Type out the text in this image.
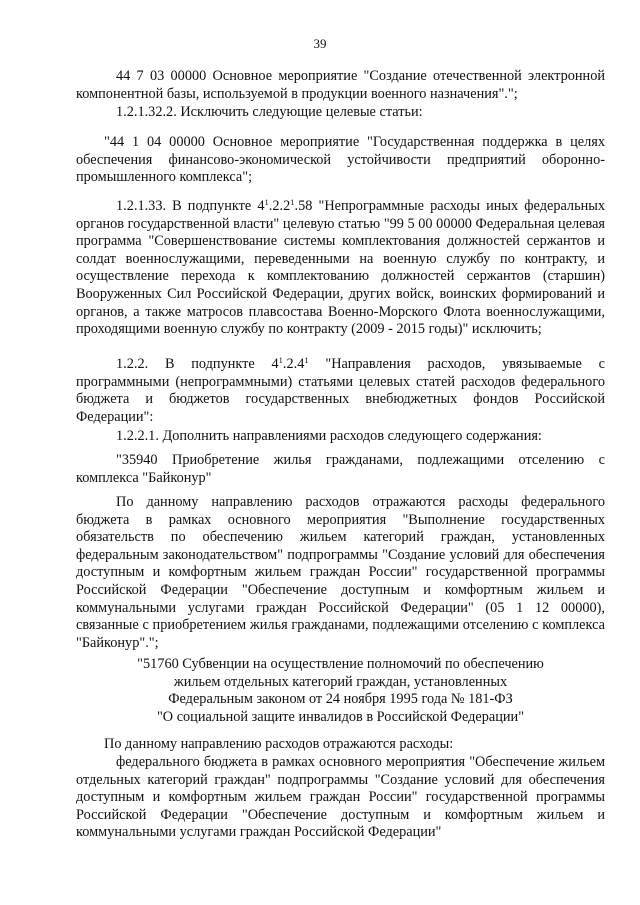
39

44 7 03 00000 Основное мероприятие "Создание отечественной электронной компонентной базы, используемой в продукции военного назначения".";

1.2.1.32.2. Исключить следующие целевые статьи:

"44 1 04 00000 Основное мероприятие "Государственная поддержка в целях обеспечения финансово-экономической устойчивости предприятий оборонно-промышленного комплекса";

1.2.1.33. В подпункте $4^1.2.2^1.58$ "Непрограммные расходы иных федеральных органов государственной власти" целевую статью "99 5 00 00000 Федеральная целевая программа "Совершенствование системы комплектования должностей сержантов и солдат военнослужащими, переведенными на военную службу по контракту, и осуществление перехода к комплектованию должностей сержантов (старшин) Вооруженных Сил Российской Федерации, других войск, воинских формирований и органов, а также матросов плавсостава Военно-Морского Флота военнослужащими, проходящими военную службу по контракту (2009 - 2015 годы)" исключить;

1.2.2. В подпункте $4^1.2.4^1$ "Направления расходов, увязываемые с программными (непрограммными) статьями целевых статей расходов федерального бюджета и бюджетов государственных внебюджетных фондов Российской Федерации":

1.2.2.1. Дополнить направлениями расходов следующего содержания:

"35940 Приобретение жилья гражданами, подлежащими отселению с комплекса "Байконур"

По данному направлению расходов отражаются расходы федерального бюджета в рамках основного мероприятия "Выполнение государственных обязательств по обеспечению жильем категорий граждан, установленных федеральным законодательством" подпрограммы "Создание условий для обеспечения доступным и комфортным жильем граждан России" государственной программы Российской Федерации "Обеспечение доступным и комфортным жильем и коммунальными услугами граждан Российской Федерации" (05 1 12 00000), связанные с приобретением жилья гражданами, подлежащими отселению с комплекса "Байконур".";

"51760 Субвенции на осуществление полномочий по обеспечению
жильем отдельных категорий граждан, установленных
Федеральным законом от 24 ноября 1995 года № 181-ФЗ
"О социальной защите инвалидов в Российской Федерации"

По данному направлению расходов отражаются расходы:

федерального бюджета в рамках основного мероприятия "Обеспечение жильем отдельных категорий граждан" подпрограммы "Создание условий для обеспечения доступным и комфортным жильем граждан России" государственной программы Российской Федерации "Обеспечение доступным и комфортным жильем и коммунальными услугами граждан Российской Федерации"
